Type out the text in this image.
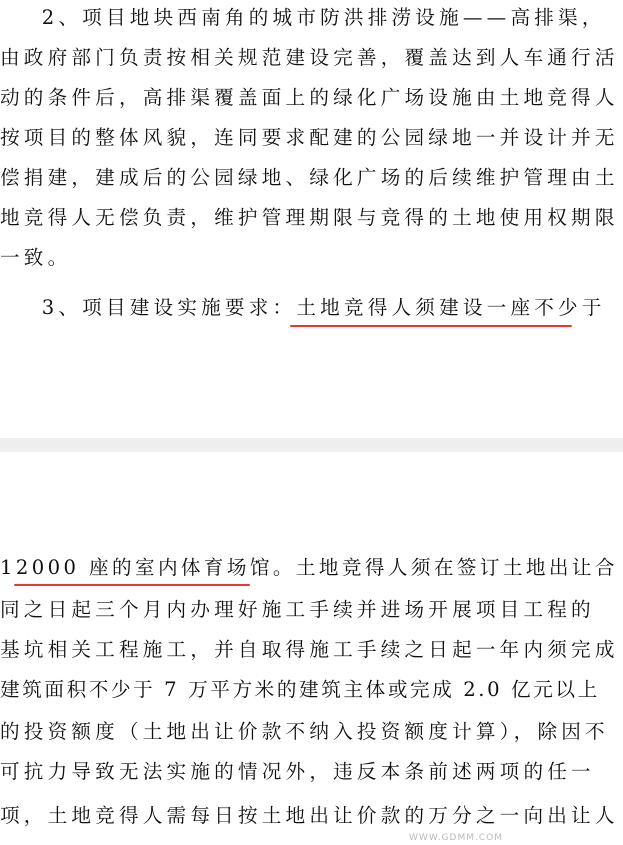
2、项目地块西南角的城市防洪排涝设施——高排渠，
由政府部门负责按相关规范建设完善，覆盖达到人车通行活
动的条件后，高排渠覆盖面上的绿化广场设施由土地竞得人
按项目的整体风貌，连同要求配建的公园绿地一并设计并无
偿捐建，建成后的公园绿地、绿化广场的后续维护管理由土
地竞得人无偿负责，维护管理期限与竞得的土地使用权期限
一致。
3、项目建设实施要求：土地竞得人须建设一座不少于
12000 座的室内体育场馆。土地竞得人须在签订土地出让合
同之日起三个月内办理好施工手续并进场开展项目工程的
基坑相关工程施工，并自取得施工手续之日起一年内须完成
建筑面积不少于 7 万平方米的建筑主体或完成 2.0 亿元以上
的投资额度（土地出让价款不纳入投资额度计算），除因不
可抗力导致无法实施的情况外，违反本条前述两项的任一
项，土地竞得人需每日按土地出让价款的万分之一向出让人
WWW.GDMM.COM
